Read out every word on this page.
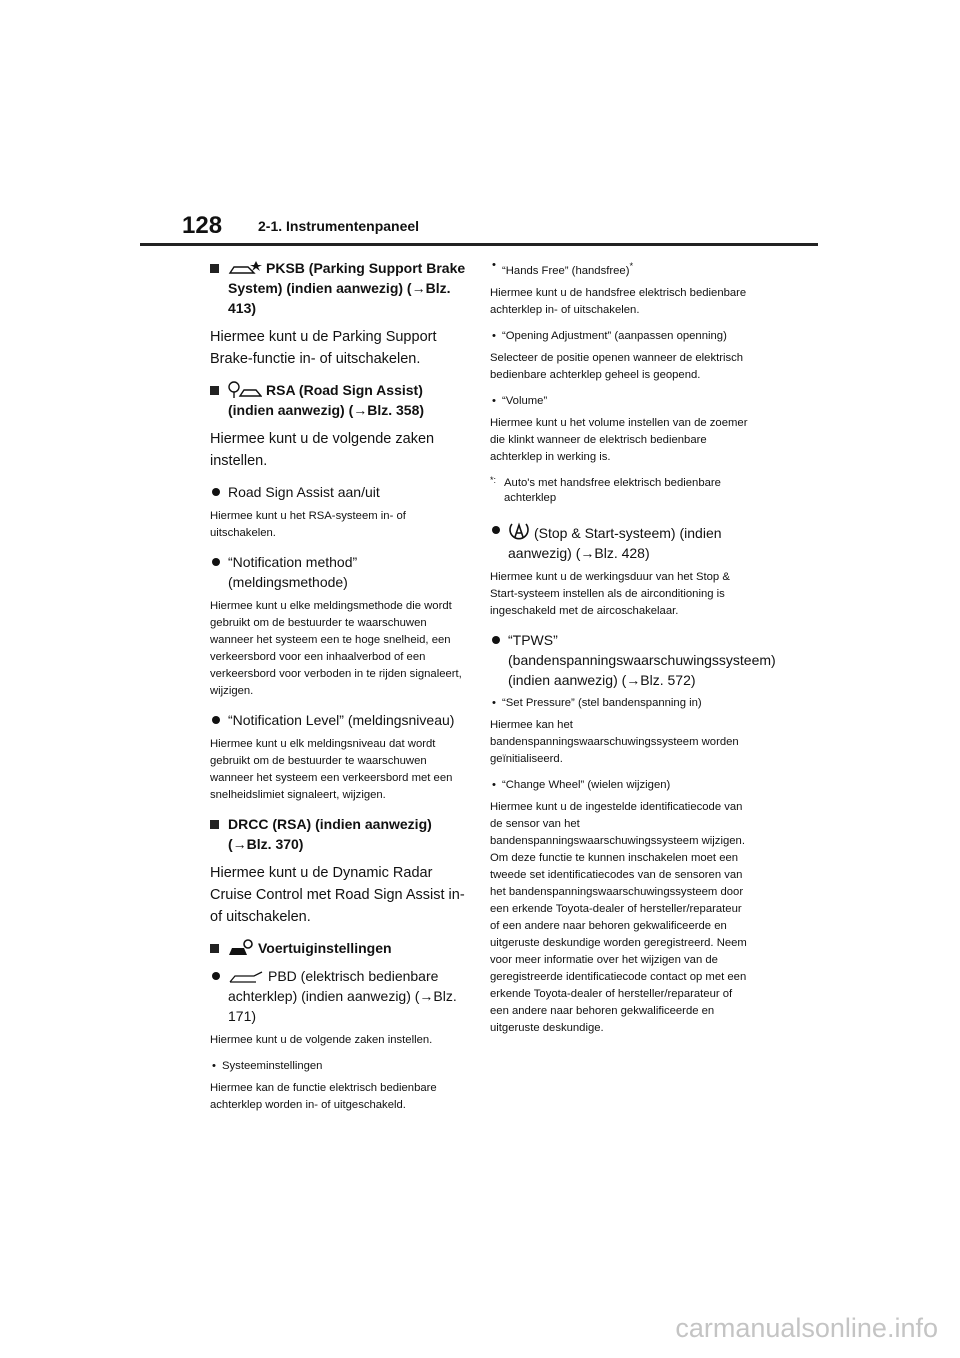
128	2-1. Instrumentenpaneel
PKSB (Parking Support Brake System) (indien aanwezig) (→Blz. 413)

Hiermee kunt u de Parking Support Brake-functie in- of uitschakelen.

RSA (Road Sign Assist) (indien aanwezig) (→Blz. 358)

Hiermee kunt u de volgende zaken instellen.

Road Sign Assist aan/uit

Hiermee kunt u het RSA-systeem in- of uitschakelen.

“Notification method” (meldingsmethode)

Hiermee kunt u elke meldingsmethode die wordt gebruikt om de bestuurder te waarschuwen wanneer het systeem een te hoge snelheid, een verkeersbord voor een inhaalverbod of een verkeersbord voor verboden in te rijden signaleert, wijzigen.

“Notification Level” (meldingsniveau)

Hiermee kunt u elk meldingsniveau dat wordt gebruikt om de bestuurder te waarschuwen wanneer het systeem een verkeersbord met een snelheidslimiet signaleert, wijzigen.

DRCC (RSA) (indien aanwezig) (→Blz. 370)

Hiermee kunt u de Dynamic Radar Cruise Control met Road Sign Assist in- of uitschakelen.

Voertuiginstellingen
PBD (elektrisch bedienbare achterklep) (indien aanwezig) (→Blz. 171)

Hiermee kunt u de volgende zaken instellen.

• Systeeminstellingen

Hiermee kan de functie elektrisch bedienbare achterklep worden in- of uitgeschakeld.

• “Hands Free” (handsfree)*

Hiermee kunt u de handsfree elektrisch bedienbare achterklep in- of uitschakelen.

• “Opening Adjustment” (aanpassen openning)

Selecteer de positie openen wanneer de elektrisch bedienbare achterklep geheel is geopend.

• “Volume”

Hiermee kunt u het volume instellen van de zoemer die klinkt wanneer de elektrisch bedienbare achterklep in werking is.

*: Auto's met handsfree elektrisch bedienbare achterklep
(Stop & Start-systeem) (indien aanwezig) (→Blz. 428)

Hiermee kunt u de werkingsduur van het Stop & Start-systeem instellen als de airconditioning is ingeschakeld met de aircoschakelaar.

“TPWS” (bandenspanningswaarschuwingssysteem) (indien aanwezig) (→Blz. 572)
• “Set Pressure” (stel bandenspanning in)

Hiermee kan het bandenspanningswaarschuwingssysteem worden geïnitialiseerd.

• “Change Wheel” (wielen wijzigen)

Hiermee kunt u de ingestelde identificatiecode van de sensor van het bandenspanningswaarschuwingssysteem wijzigen. Om deze functie te kunnen inschakelen moet een tweede set identificatiecodes van de sensoren van het bandenspanningswaarschuwingssysteem door een erkende Toyota-dealer of hersteller/reparateur of een andere naar behoren gekwalificeerde en uitgeruste deskundige worden geregistreerd. Neem voor meer informatie over het wijzigen van de geregistreerde identificatiecode contact op met een erkende Toyota-dealer of hersteller/reparateur of een andere naar behoren gekwalificeerde en uitgeruste deskundige.

carmanualsonline.info
